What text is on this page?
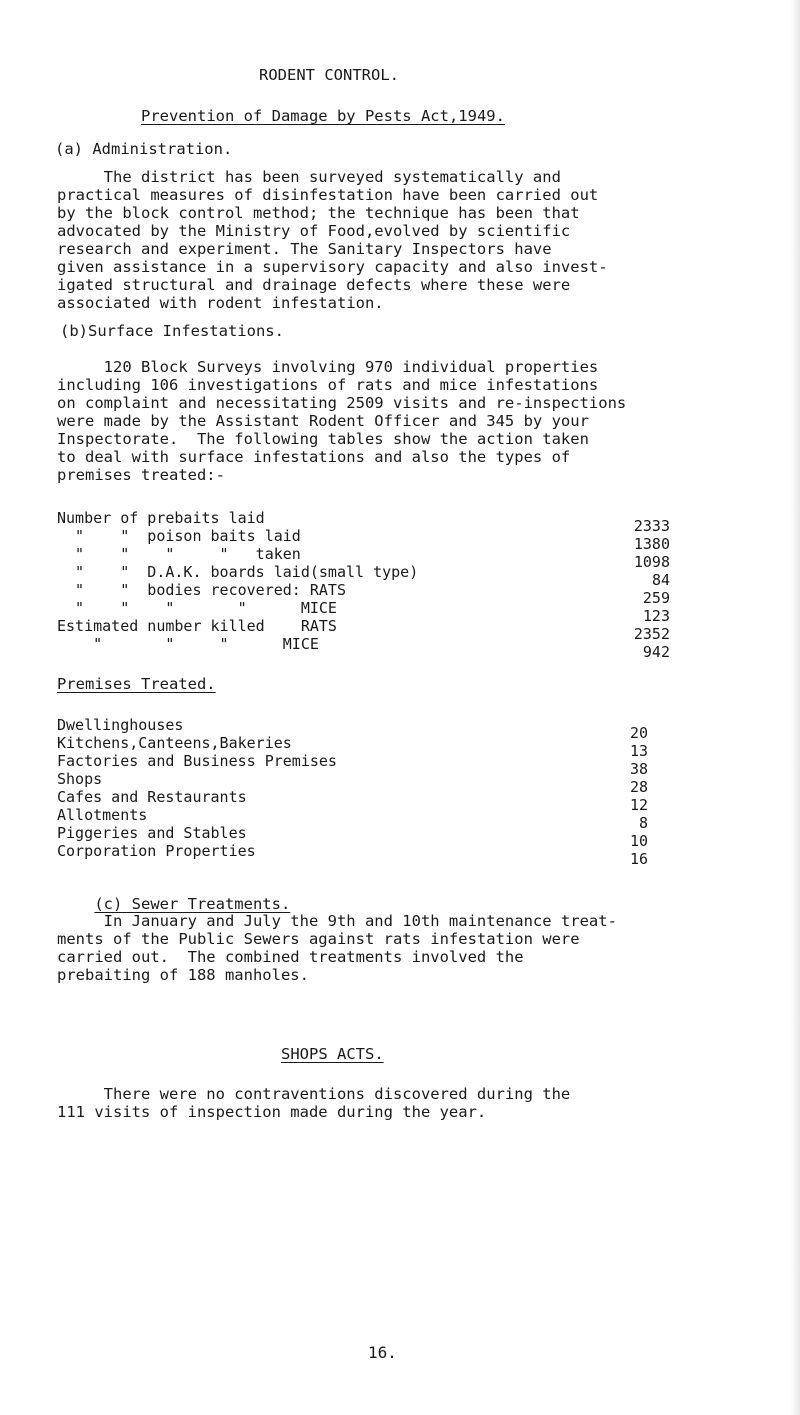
RODENT CONTROL.
Prevention of Damage by Pests Act,1949.
(a) Administration.
The district has been surveyed systematically and
practical measures of disinfestation have been carried out
by the block control method; the technique has been that
advocated by the Ministry of Food,evolved by scientific
research and experiment. The Sanitary Inspectors have
given assistance in a supervisory capacity and also invest-
igated structural and drainage defects where these were
associated with rodent infestation.
(b)Surface Infestations.
120 Block Surveys involving 970 individual properties
including 106 investigations of rats and mice infestations
on complaint and necessitating 2509 visits and re-inspections
were made by the Assistant Rodent Officer and 345 by your
Inspectorate.  The following tables show the action taken
to deal with surface infestations and also the types of
premises treated:-
Number of prebaits laid	2333
"    "  poison baits laid	1380
"    "    "     "   taken	1098
"    "  D.A.K. boards laid(small type)	84
"    "  bodies recovered: RATS	259
"    "    "       "      MICE	123
Estimated number killed    RATS	2352
"       "     "      MICE	942
Premises Treated.
Dwellinghouses	20
Kitchens,Canteens,Bakeries	13
Factories and Business Premises	38
Shops	28
Cafes and Restaurants	12
Allotments	8
Piggeries and Stables	10
Corporation Properties	16

(c) Sewer Treatments.

In January and July the 9th and 10th maintenance treat-
ments of the Public Sewers against rats infestation were
carried out.  The combined treatments involved the
prebaiting of 188 manholes.
SHOPS ACTS.
There were no contraventions discovered during the
111 visits of inspection made during the year.
16.
